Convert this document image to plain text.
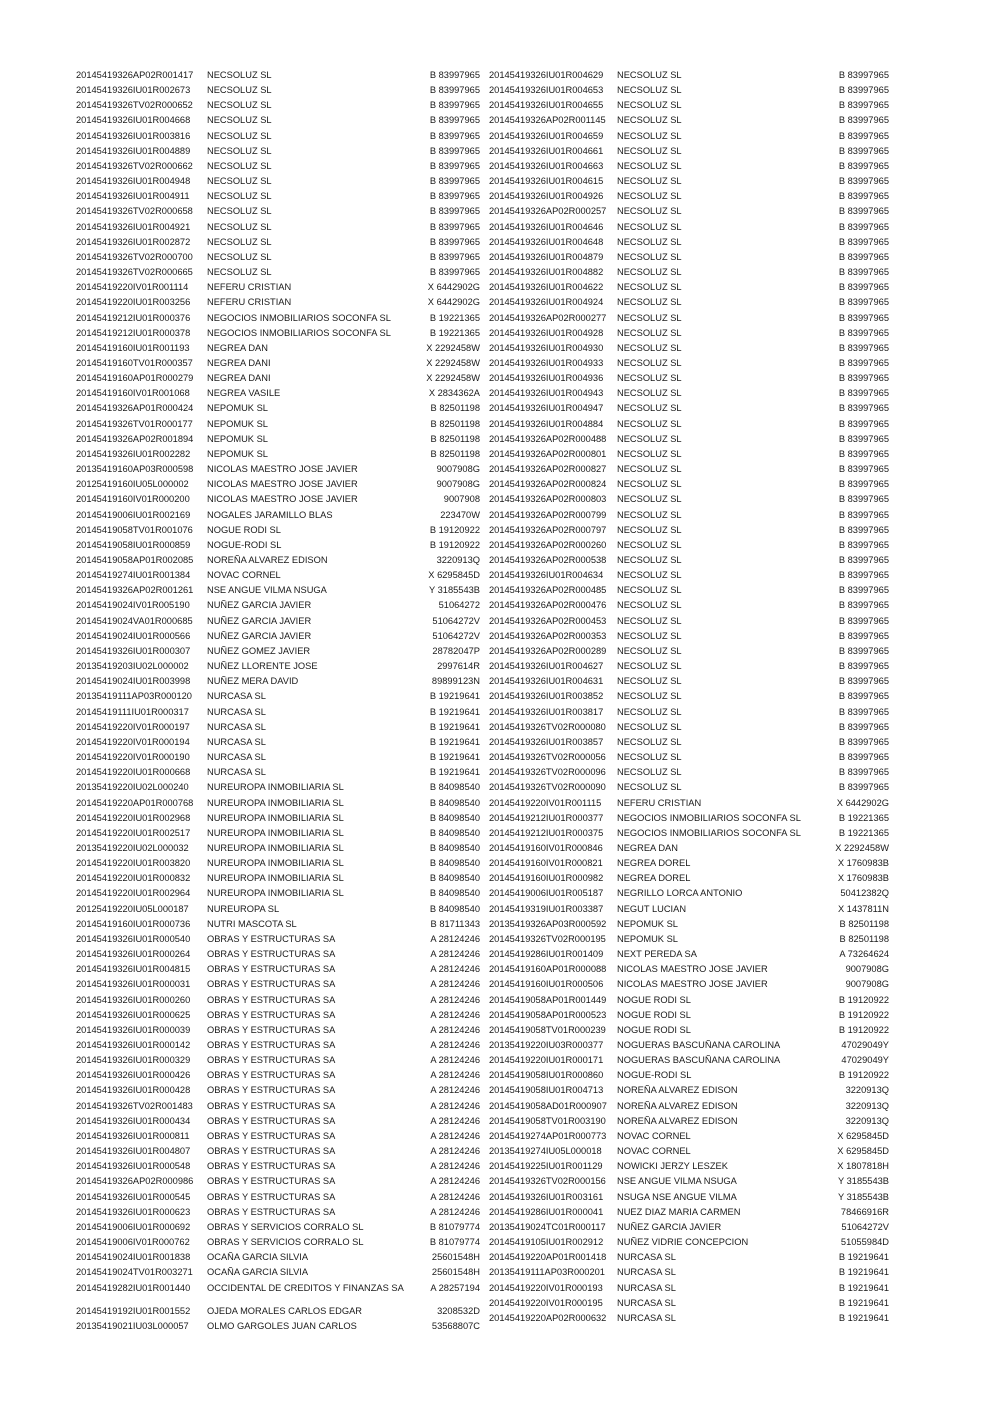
20145419326AP02R001417	NECSOLUZ SL	B 83997965
20145419326IU01R002673	NECSOLUZ SL	B 83997965
20145419326TV02R000652	NECSOLUZ SL	B 83997965
20145419326IU01R004668	NECSOLUZ SL	B 83997965
20145419326IU01R003816	NECSOLUZ SL	B 83997965
20145419326IU01R004889	NECSOLUZ SL	B 83997965
20145419326TV02R000662	NECSOLUZ SL	B 83997965
20145419326IU01R004948	NECSOLUZ SL	B 83997965
20145419326IU01R004911	NECSOLUZ SL	B 83997965
20145419326TV02R000658	NECSOLUZ SL	B 83997965
20145419326IU01R004921	NECSOLUZ SL	B 83997965
20145419326IU01R002872	NECSOLUZ SL	B 83997965
20145419326TV02R000700	NECSOLUZ SL	B 83997965
20145419326TV02R000665	NECSOLUZ SL	B 83997965
20145419220IV01R001114	NEFERU CRISTIAN	X 6442902G
20145419220IU01R003256	NEFERU CRISTIAN	X 6442902G
20145419212IU01R000376	NEGOCIOS INMOBILIARIOS SOCONFA SL	B 19221365
20145419212IU01R000378	NEGOCIOS INMOBILIARIOS SOCONFA SL	B 19221365
20145419160IU01R001193	NEGREA DAN	X 2292458W
20145419160TV01R000357	NEGREA DANI	X 2292458W
20145419160AP01R000279	NEGREA DANI	X 2292458W
20145419160IV01R001068	NEGREA VASILE	X 2834362A
20145419326AP01R000424	NEPOMUK SL	B 82501198
20145419326TV01R000177	NEPOMUK SL	B 82501198
20145419326AP02R001894	NEPOMUK SL	B 82501198
20145419326IU01R002282	NEPOMUK SL	B 82501198
20135419160AP03R000598	NICOLAS MAESTRO JOSE JAVIER	9007908G
20125419160IU05L000002	NICOLAS MAESTRO JOSE JAVIER	9007908G
20145419160IV01R000200	NICOLAS MAESTRO JOSE JAVIER	9007908
20145419006IU01R002169	NOGALES JARAMILLO BLAS	223470W
20145419058TV01R001076	NOGUE RODI SL	B 19120922
20145419058IU01R000859	NOGUE-RODI SL	B 19120922
20145419058AP01R002085	NOREÑA ALVAREZ EDISON	3220913Q
20145419274IU01R001384	NOVAC CORNEL	X 6295845D
20145419326AP02R001261	NSE ANGUE VILMA NSUGA	Y 3185543B
20145419024IV01R005190	NUÑEZ GARCIA JAVIER	51064272
20145419024VA01R000685	NUÑEZ GARCIA JAVIER	51064272V
20145419024IU01R000566	NUÑEZ GARCIA JAVIER	51064272V
20145419326IU01R000307	NUÑEZ GOMEZ JAVIER	28782047P
20135419203IU02L000002	NUÑEZ LLORENTE JOSE	2997614R
20145419024IU01R003998	NUÑEZ MERA DAVID	89899123N
20135419111AP03R000120	NURCASA SL	B 19219641
20145419111IU01R000317	NURCASA SL	B 19219641
20145419220IV01R000197	NURCASA SL	B 19219641
20145419220IV01R000194	NURCASA SL	B 19219641
20145419220IV01R000190	NURCASA SL	B 19219641
20145419220IU01R000668	NURCASA SL	B 19219641
20135419220IU02L000240	NUREUROPA INMOBILIARIA SL	B 84098540
20145419220AP01R000768	NUREUROPA INMOBILIARIA SL	B 84098540
20145419220IU01R002968	NUREUROPA INMOBILIARIA SL	B 84098540
20145419220IU01R002517	NUREUROPA INMOBILIARIA SL	B 84098540
20135419220IU02L000032	NUREUROPA INMOBILIARIA SL	B 84098540
20145419220IU01R003820	NUREUROPA INMOBILIARIA SL	B 84098540
20145419220IU01R000832	NUREUROPA INMOBILIARIA SL	B 84098540
20145419220IU01R002964	NUREUROPA INMOBILIARIA SL	B 84098540
20125419220IU05L000187	NUREUROPA SL	B 84098540
20145419160IU01R000736	NUTRI MASCOTA SL	B 81711343
20145419326IU01R000540	OBRAS Y ESTRUCTURAS SA	A 28124246
20145419326IU01R000264	OBRAS Y ESTRUCTURAS SA	A 28124246
20145419326IU01R004815	OBRAS Y ESTRUCTURAS SA	A 28124246
20145419326IU01R000031	OBRAS Y ESTRUCTURAS SA	A 28124246
20145419326IU01R000260	OBRAS Y ESTRUCTURAS SA	A 28124246
20145419326IU01R000625	OBRAS Y ESTRUCTURAS SA	A 28124246
20145419326IU01R000039	OBRAS Y ESTRUCTURAS SA	A 28124246
20145419326IU01R000142	OBRAS Y ESTRUCTURAS SA	A 28124246
20145419326IU01R000329	OBRAS Y ESTRUCTURAS SA	A 28124246
20145419326IU01R000426	OBRAS Y ESTRUCTURAS SA	A 28124246
20145419326IU01R000428	OBRAS Y ESTRUCTURAS SA	A 28124246
20145419326TV02R001483	OBRAS Y ESTRUCTURAS SA	A 28124246
20145419326IU01R000434	OBRAS Y ESTRUCTURAS SA	A 28124246
20145419326IU01R000811	OBRAS Y ESTRUCTURAS SA	A 28124246
20145419326IU01R004807	OBRAS Y ESTRUCTURAS SA	A 28124246
20145419326IU01R000548	OBRAS Y ESTRUCTURAS SA	A 28124246
20145419326AP02R000986	OBRAS Y ESTRUCTURAS SA	A 28124246
20145419326IU01R000545	OBRAS Y ESTRUCTURAS SA	A 28124246
20145419326IU01R000623	OBRAS Y ESTRUCTURAS SA	A 28124246
20145419006IU01R000692	OBRAS Y SERVICIOS CORRALO SL	B 81079774
20145419006IV01R000762	OBRAS Y SERVICIOS CORRALO SL	B 81079774
20145419024IU01R001838	OCAÑA GARCIA SILVIA	25601548H
20145419024TV01R003271	OCAÑA GARCIA SILVIA	25601548H
20145419282IU01R001440	OCCIDENTAL DE CREDITOS Y FINANZAS SA	A 28257194
20145419192IU01R001552	OJEDA MORALES CARLOS EDGAR	3208532D
20135419021IU03L000057	OLMO GARGOLES JUAN CARLOS	53568807C
20145419326IU01R004629	NECSOLUZ SL	B 83997965
20145419326IU01R004653	NECSOLUZ SL	B 83997965
20145419326IU01R004655	NECSOLUZ SL	B 83997965
20145419326AP02R001145	NECSOLUZ SL	B 83997965
20145419326IU01R004659	NECSOLUZ SL	B 83997965
20145419326IU01R004661	NECSOLUZ SL	B 83997965
20145419326IU01R004663	NECSOLUZ SL	B 83997965
20145419326IU01R004615	NECSOLUZ SL	B 83997965
20145419326IU01R004926	NECSOLUZ SL	B 83997965
20145419326AP02R000257	NECSOLUZ SL	B 83997965
20145419326IU01R004646	NECSOLUZ SL	B 83997965
20145419326IU01R004648	NECSOLUZ SL	B 83997965
20145419326IU01R004879	NECSOLUZ SL	B 83997965
20145419326IU01R004882	NECSOLUZ SL	B 83997965
20145419326IU01R004622	NECSOLUZ SL	B 83997965
20145419326IU01R004924	NECSOLUZ SL	B 83997965
20145419326AP02R000277	NECSOLUZ SL	B 83997965
20145419326IU01R004928	NECSOLUZ SL	B 83997965
20145419326IU01R004930	NECSOLUZ SL	B 83997965
20145419326IU01R004933	NECSOLUZ SL	B 83997965
20145419326IU01R004936	NECSOLUZ SL	B 83997965
20145419326IU01R004943	NECSOLUZ SL	B 83997965
20145419326IU01R004947	NECSOLUZ SL	B 83997965
20145419326IU01R004884	NECSOLUZ SL	B 83997965
20145419326AP02R000488	NECSOLUZ SL	B 83997965
20145419326AP02R000801	NECSOLUZ SL	B 83997965
20145419326AP02R000827	NECSOLUZ SL	B 83997965
20145419326AP02R000824	NECSOLUZ SL	B 83997965
20145419326AP02R000803	NECSOLUZ SL	B 83997965
20145419326AP02R000799	NECSOLUZ SL	B 83997965
20145419326AP02R000797	NECSOLUZ SL	B 83997965
20145419326AP02R000260	NECSOLUZ SL	B 83997965
20145419326AP02R000538	NECSOLUZ SL	B 83997965
20145419326IU01R004634	NECSOLUZ SL	B 83997965
20145419326AP02R000485	NECSOLUZ SL	B 83997965
20145419326AP02R000476	NECSOLUZ SL	B 83997965
20145419326AP02R000453	NECSOLUZ SL	B 83997965
20145419326AP02R000353	NECSOLUZ SL	B 83997965
20145419326AP02R000289	NECSOLUZ SL	B 83997965
20145419326IU01R004627	NECSOLUZ SL	B 83997965
20145419326IU01R004631	NECSOLUZ SL	B 83997965
20145419326IU01R003852	NECSOLUZ SL	B 83997965
20145419326IU01R003817	NECSOLUZ SL	B 83997965
20145419326TV02R000080	NECSOLUZ SL	B 83997965
20145419326IU01R003857	NECSOLUZ SL	B 83997965
20145419326TV02R000056	NECSOLUZ SL	B 83997965
20145419326TV02R000096	NECSOLUZ SL	B 83997965
20145419326TV02R000090	NECSOLUZ SL	B 83997965
20145419220IV01R001115	NEFERU CRISTIAN	X 6442902G
20145419212IU01R000377	NEGOCIOS INMOBILIARIOS SOCONFA SL	B 19221365
20145419212IU01R000375	NEGOCIOS INMOBILIARIOS SOCONFA SL	B 19221365
20145419160IV01R000846	NEGREA DAN	X 2292458W
20145419160IV01R000821	NEGREA DOREL	X 1760983B
20145419160IU01R000982	NEGREA DOREL	X 1760983B
20145419006IU01R005187	NEGRILLO LORCA ANTONIO	50412382Q
20145419319IU01R003387	NEGUT LUCIAN	X 1437811N
20135419326AP03R000592	NEPOMUK SL	B 82501198
20145419326TV02R000195	NEPOMUK SL	B 82501198
20145419286IU01R001409	NEXT PEREDA SA	A 73264624
20145419160AP01R000088	NICOLAS MAESTRO JOSE JAVIER	9007908G
20145419160IU01R000506	NICOLAS MAESTRO JOSE JAVIER	9007908G
20145419058AP01R001449	NOGUE RODI SL	B 19120922
20145419058AP01R000523	NOGUE RODI SL	B 19120922
20145419058TV01R000239	NOGUE RODI SL	B 19120922
20135419220IU03R000377	NOGUERAS BASCUÑANA CAROLINA	47029049Y
20145419220IU01R000171	NOGUERAS BASCUÑANA CAROLINA	47029049Y
20145419058IU01R000860	NOGUE-RODI SL	B 19120922
20145419058IU01R004713	NOREÑA ALVAREZ EDISON	3220913Q
20145419058AD01R000907	NOREÑA ALVAREZ EDISON	3220913Q
20145419058TV01R003190	NOREÑA ALVAREZ EDISON	3220913Q
20145419274AP01R000773	NOVAC CORNEL	X 6295845D
20135419274IU05L000018	NOVAC CORNEL	X 6295845D
20145419225IU01R001129	NOWICKI JERZY LESZEK	X 1807818H
20145419326TV02R000156	NSE ANGUE VILMA NSUGA	Y 3185543B
20145419326IU01R003161	NSUGA NSE ANGUE VILMA	Y 3185543B
20145419286IU01R000041	NUEZ DIAZ MARIA CARMEN	78466916R
20135419024TC01R000117	NUÑEZ GARCIA JAVIER	51064272V
20145419105IU01R002912	NUÑEZ VIDRIE CONCEPCION	51055984D
20145419220AP01R001418	NURCASA SL	B 19219641
20135419111AP03R000201	NURCASA SL	B 19219641
20145419220IV01R000193	NURCASA SL	B 19219641
20145419220IV01R000195	NURCASA SL	B 19219641
20145419220AP02R000632	NURCASA SL	B 19219641
